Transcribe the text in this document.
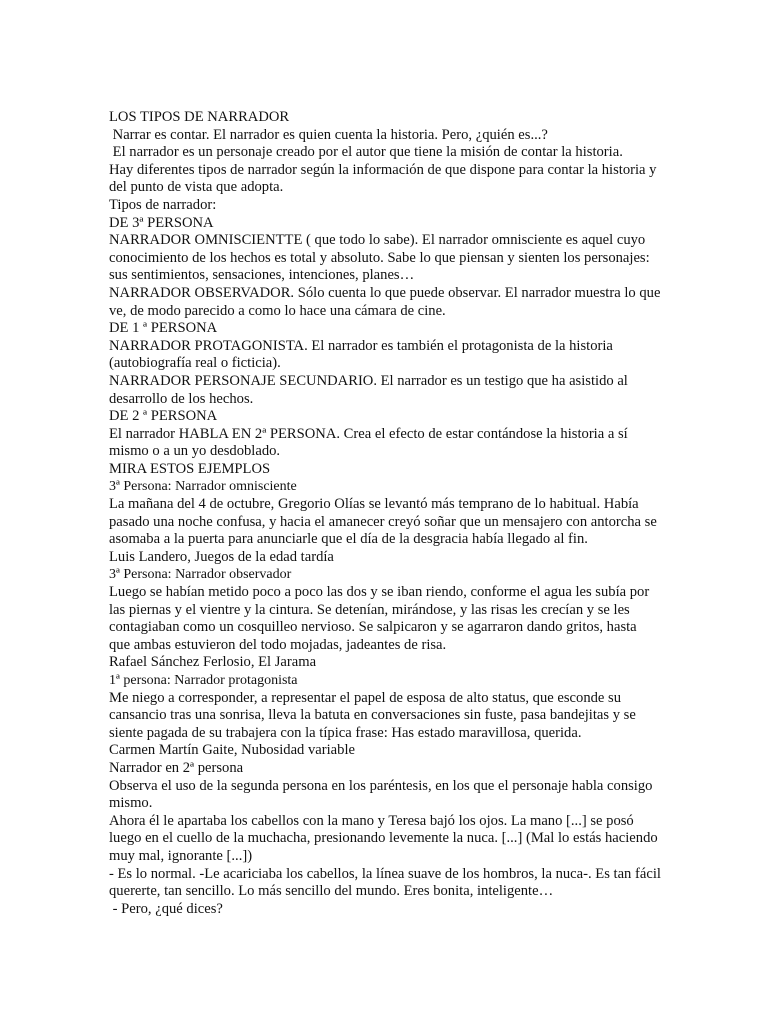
LOS TIPOS DE NARRADOR
Narrar es contar. El narrador es quien cuenta la historia. Pero, ¿quién es...?
El narrador es un personaje creado por el autor que tiene la misión de contar la historia.
Hay diferentes tipos de narrador según la información de que dispone para contar la historia y del punto de vista que adopta.
Tipos de narrador:
DE 3ª PERSONA
NARRADOR OMNISCIENTTE ( que todo lo sabe). El narrador omnisciente es aquel cuyo conocimiento de los hechos es total y absoluto. Sabe lo que piensan y sienten los personajes: sus sentimientos, sensaciones, intenciones, planes…
NARRADOR OBSERVADOR. Sólo cuenta lo que puede observar. El narrador muestra lo que ve, de modo parecido a como lo hace una cámara de cine.
DE 1 ª PERSONA
NARRADOR PROTAGONISTA. El narrador es también el protagonista de la historia (autobiografía real o ficticia).
NARRADOR PERSONAJE SECUNDARIO. El narrador es un testigo que ha asistido al desarrollo de los hechos.
DE 2 ª PERSONA
El narrador HABLA EN 2ª PERSONA. Crea el efecto de estar contándose la historia a sí mismo o a un yo desdoblado.
MIRA ESTOS EJEMPLOS
3ª Persona: Narrador omnisciente
La mañana del 4 de octubre, Gregorio Olías se levantó más temprano de lo habitual. Había pasado una noche confusa, y hacia el amanecer creyó soñar que un mensajero con antorcha se asomaba a la puerta para anunciarle que el día de la desgracia había llegado al fin.
Luis Landero, Juegos de la edad tardía
3ª Persona: Narrador observador
Luego se habían metido poco a poco las dos y se iban riendo, conforme el agua les subía por las piernas y el vientre y la cintura. Se detenían, mirándose, y las risas les crecían y se les contagiaban como un cosquilleo nervioso. Se salpicaron y se agarraron dando gritos, hasta que ambas estuvieron del todo mojadas, jadeantes de risa.
Rafael Sánchez Ferlosio, El Jarama
1ª persona: Narrador protagonista
Me niego a corresponder, a representar el papel de esposa de alto status, que esconde su cansancio tras una sonrisa, lleva la batuta en conversaciones sin fuste, pasa bandejitas y se siente pagada de su trabajera con la típica frase: Has estado maravillosa, querida.
Carmen Martín Gaite, Nubosidad variable
Narrador en 2ª persona
Observa el uso de la segunda persona en los paréntesis, en los que el personaje habla consigo mismo.
Ahora él le apartaba los cabellos con la mano y Teresa bajó los ojos. La mano [...] se posó luego en el cuello de la muchacha, presionando levemente la nuca. [...] (Mal lo estás haciendo muy mal, ignorante [...])
- Es lo normal. -Le acariciaba los cabellos, la línea suave de los hombros, la nuca-. Es tan fácil quererte, tan sencillo. Lo más sencillo del mundo. Eres bonita, inteligente…
- Pero, ¿qué dices?
